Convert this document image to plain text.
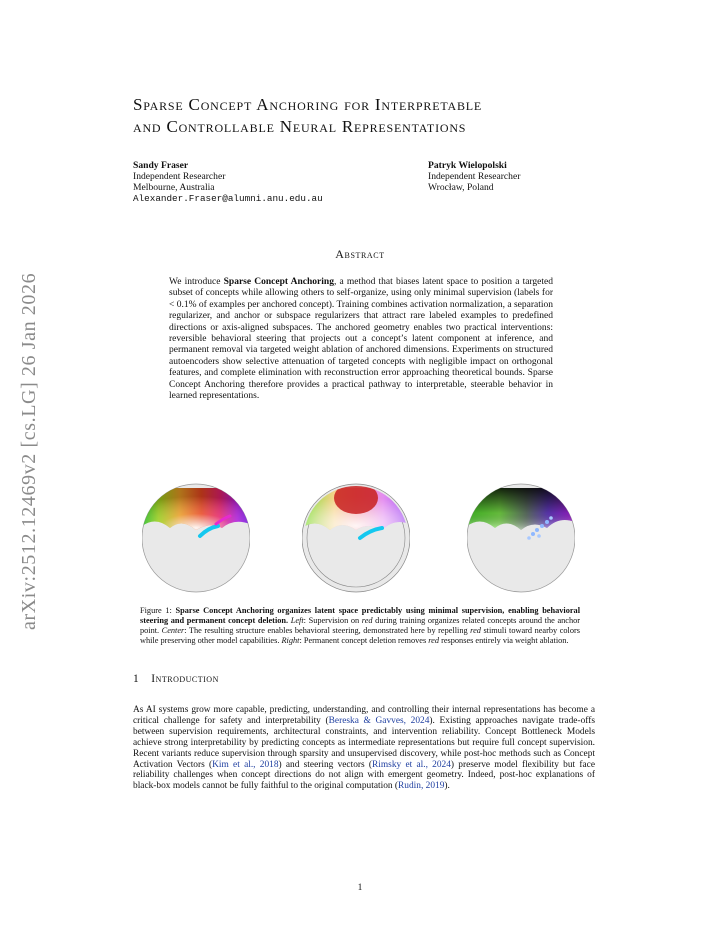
arXiv:2512.12469v2 [cs.LG] 26 Jan 2026
Sparse Concept Anchoring for Interpretable
and Controllable Neural Representations
Sandy Fraser
Independent Researcher
Melbourne, Australia
Alexander.Fraser@alumni.anu.edu.au
Patryk Wielopolski
Independent Researcher
Wrocław, Poland
Abstract
We introduce Sparse Concept Anchoring, a method that biases latent space to position a targeted subset of concepts while allowing others to self-organize, using only minimal supervision (labels for < 0.1% of examples per anchored concept). Training combines activation normalization, a separation regularizer, and anchor or subspace regularizers that attract rare labeled examples to predefined directions or axis-aligned subspaces. The anchored geometry enables two practical interventions: reversible behavioral steering that projects out a concept’s latent component at inference, and permanent removal via targeted weight ablation of anchored dimensions. Experiments on structured autoencoders show selective attenuation of targeted concepts with negligible impact on orthogonal features, and complete elimination with reconstruction error approaching theoretical bounds. Sparse Concept Anchoring therefore provides a practical pathway to interpretable, steerable behavior in learned representations.
Figure 1: Sparse Concept Anchoring organizes latent space predictably using minimal supervision, enabling behavioral steering and permanent concept deletion. Left: Supervision on red during training organizes related concepts around the anchor point. Center: The resulting structure enables behavioral steering, demonstrated here by repelling red stimuli toward nearby colors while preserving other model capabilities. Right: Permanent concept deletion removes red responses entirely via weight ablation.
1 Introduction
As AI systems grow more capable, predicting, understanding, and controlling their internal representations has become a critical challenge for safety and interpretability (Bereska & Gavves, 2024). Existing approaches navigate trade-offs between supervision requirements, architectural constraints, and intervention reliability. Concept Bottleneck Models achieve strong interpretability by predicting concepts as intermediate representations but require full concept supervision. Recent variants reduce supervision through sparsity and unsupervised discovery, while post-hoc methods such as Concept Activation Vectors (Kim et al., 2018) and steering vectors (Rimsky et al., 2024) preserve model flexibility but face reliability challenges when concept directions do not align with emergent geometry. Indeed, post-hoc explanations of black-box models cannot be fully faithful to the original computation (Rudin, 2019).
1
